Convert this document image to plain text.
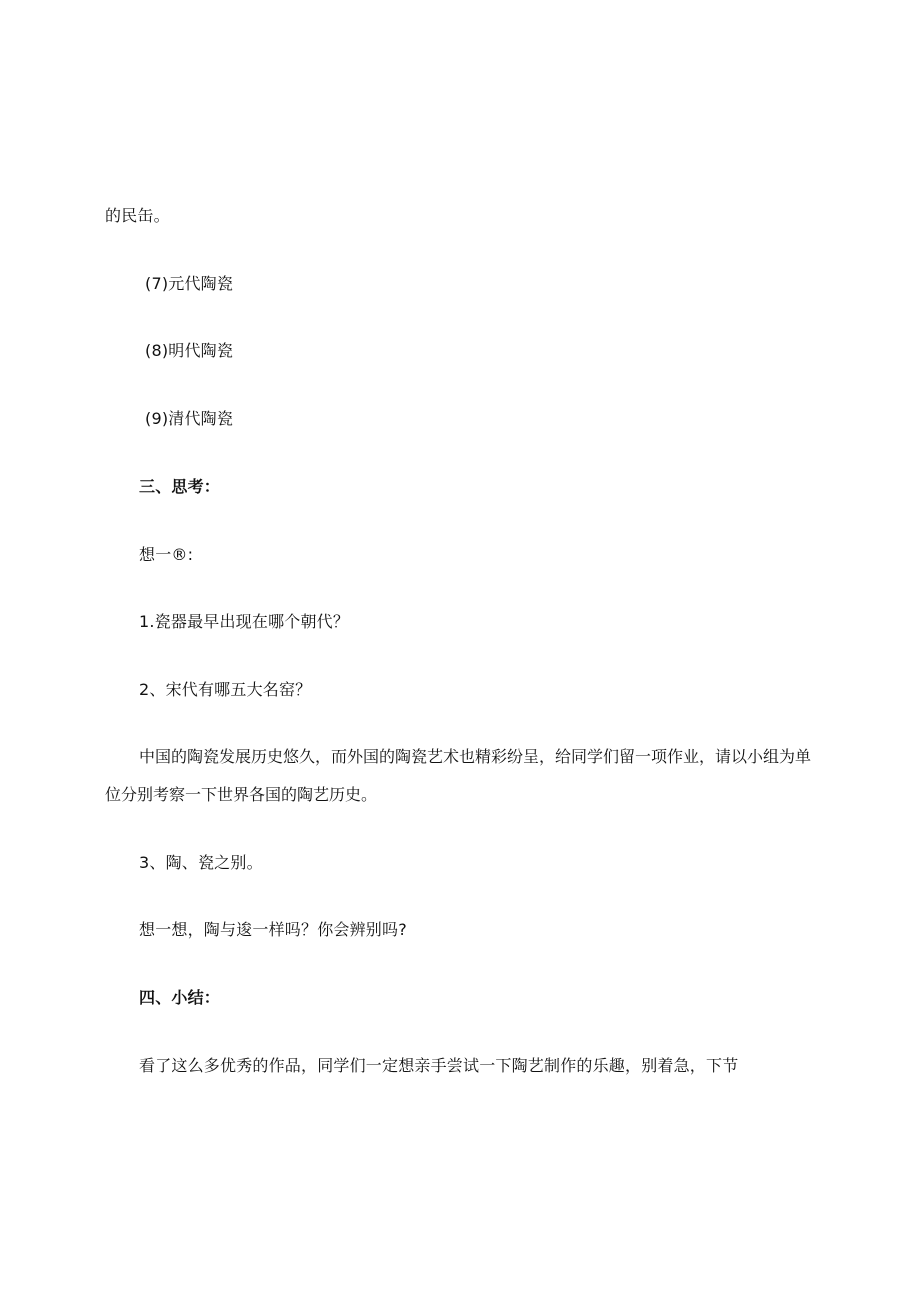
的民缶。
(7)元代陶瓷
(8)明代陶瓷
(9)清代陶瓷
三、思考：
想一®:
1.瓷器最早出现在哪个朝代？
2、宋代有哪五大名窑？
中国的陶瓷发展历史悠久，而外国的陶瓷艺术也精彩纷呈，给同学们留一项作业，请以小组为单
位分别考察一下世界各国的陶艺历史。
3、陶、瓷之别。
想一想，陶与逡一样吗？你会辨别吗?
四、小结：
看了这么多优秀的作品，同学们一定想亲手尝试一下陶艺制作的乐趣，别着急，下节
